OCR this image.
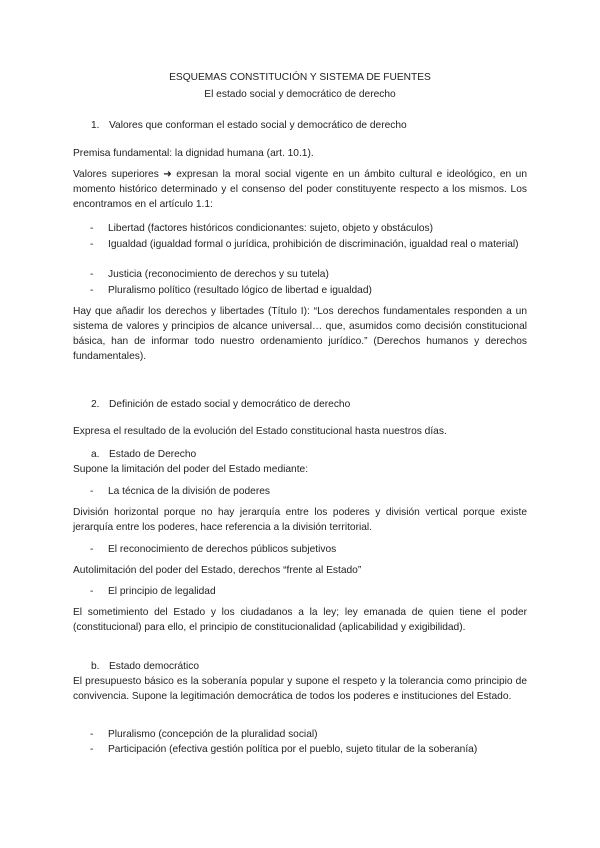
ESQUEMAS CONSTITUCIÓN Y SISTEMA DE FUENTES
El estado social y democrático de derecho
1. Valores que conforman el estado social y democrático de derecho
Premisa fundamental: la dignidad humana (art. 10.1).
Valores superiores ➜ expresan la moral social vigente en un ámbito cultural e ideológico, en un momento histórico determinado y el consenso del poder constituyente respecto a los mismos. Los encontramos en el artículo 1.1:
- Libertad (factores históricos condicionantes: sujeto, objeto y obstáculos)
- Igualdad (igualdad formal o jurídica, prohibición de discriminación, igualdad real o material)
- Justicia (reconocimiento de derechos y su tutela)
- Pluralismo político (resultado lógico de libertad e igualdad)
Hay que añadir los derechos y libertades (Título I): “Los derechos fundamentales responden a un sistema de valores y principios de alcance universal… que, asumidos como decisión constitucional básica, han de informar todo nuestro ordenamiento jurídico.” (Derechos humanos y derechos fundamentales).
2. Definición de estado social y democrático de derecho
Expresa el resultado de la evolución del Estado constitucional hasta nuestros días.
a. Estado de Derecho
Supone la limitación del poder del Estado mediante:
- La técnica de la división de poderes
División horizontal porque no hay jerarquía entre los poderes y división vertical porque existe jerarquía entre los poderes, hace referencia a la división territorial.
- El reconocimiento de derechos públicos subjetivos
Autolimitación del poder del Estado, derechos “frente al Estado”
- El principio de legalidad
El sometimiento del Estado y los ciudadanos a la ley; ley emanada de quien tiene el poder (constitucional) para ello, el principio de constitucionalidad (aplicabilidad y exigibilidad).
b. Estado democrático
El presupuesto básico es la soberanía popular y supone el respeto y la tolerancia como principio de convivencia. Supone la legitimación democrática de todos los poderes e instituciones del Estado.
- Pluralismo (concepción de la pluralidad social)
- Participación (efectiva gestión política por el pueblo, sujeto titular de la soberanía)
